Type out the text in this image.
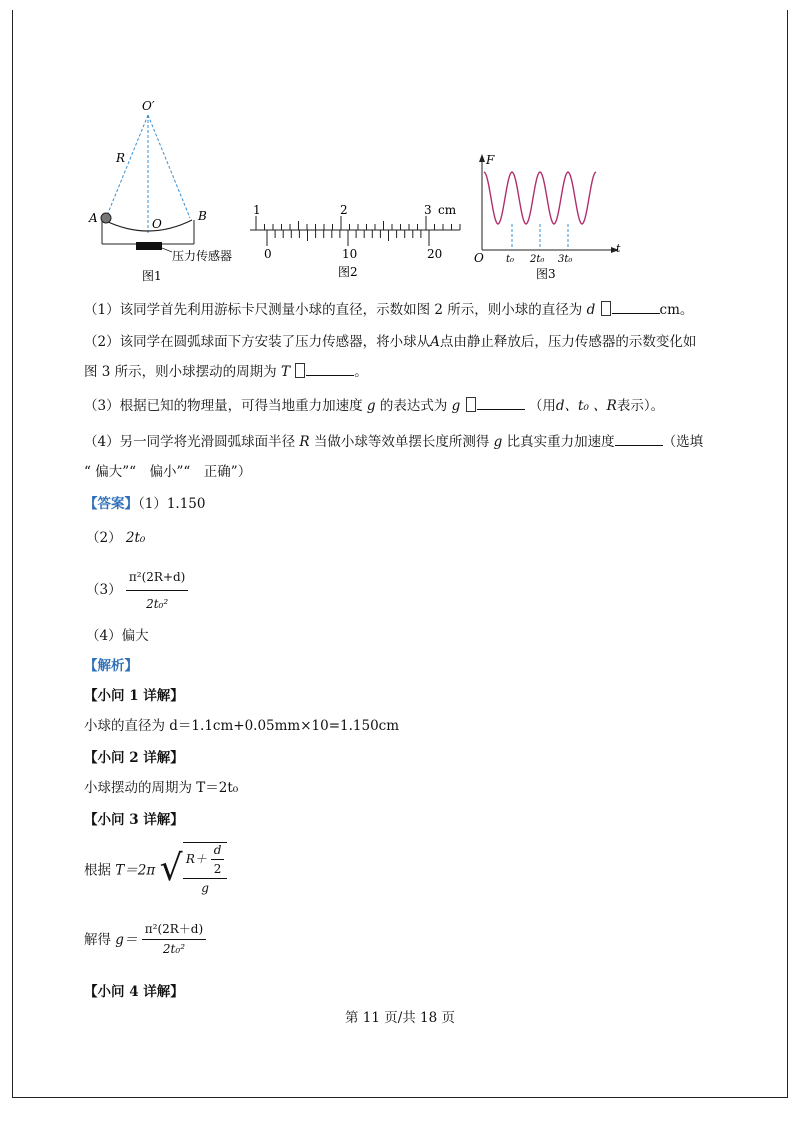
O′
R
A	O
B
压力传感器
图1
1	2	3 cm
0	10	20
图2
F
t
O t₀ 2t₀ 3t₀
图3
（1）该同学首先利用游标卡尺测量小球的直径，示数如图 2 所示，则小球的直径为 d	cm。
（2）该同学在圆弧球面下方安装了压力传感器，将小球从A点由静止释放后，压力传感器的示数变化如
图 3 所示，则小球摆动的周期为 T	。
（3）根据已知的物理量，可得当地重力加速度 g 的表达式为 g	（用d、t₀ 、R表示）。
（4）另一同学将光滑圆弧球面半径 R 当做小球等效单摆长度所测得 g 比真实重力加速度	（选填
“ 偏大”“　偏小”“　正确”）
【答案】（1）1.150
（2） 2t₀
$(3) \frac{\text{π²(2R+d)}}{\text{2t₀²}}$
（4）偏大
【解析】
【小问 1 详解】
小球的直径为 d＝1.1cm+0.05mm×10=1.150cm
【小问 2 详解】
小球摆动的周期为 T＝2t₀
【小问 3 详解】
根据 T＝2π √ $\frac{R+ \frac{d}{2}}{g}$
解得 $g= \frac{\text{π²(2R＋d)}}{\text{2t₀²}}$
【小问 4 详解】
第 11 页/共 18 页
